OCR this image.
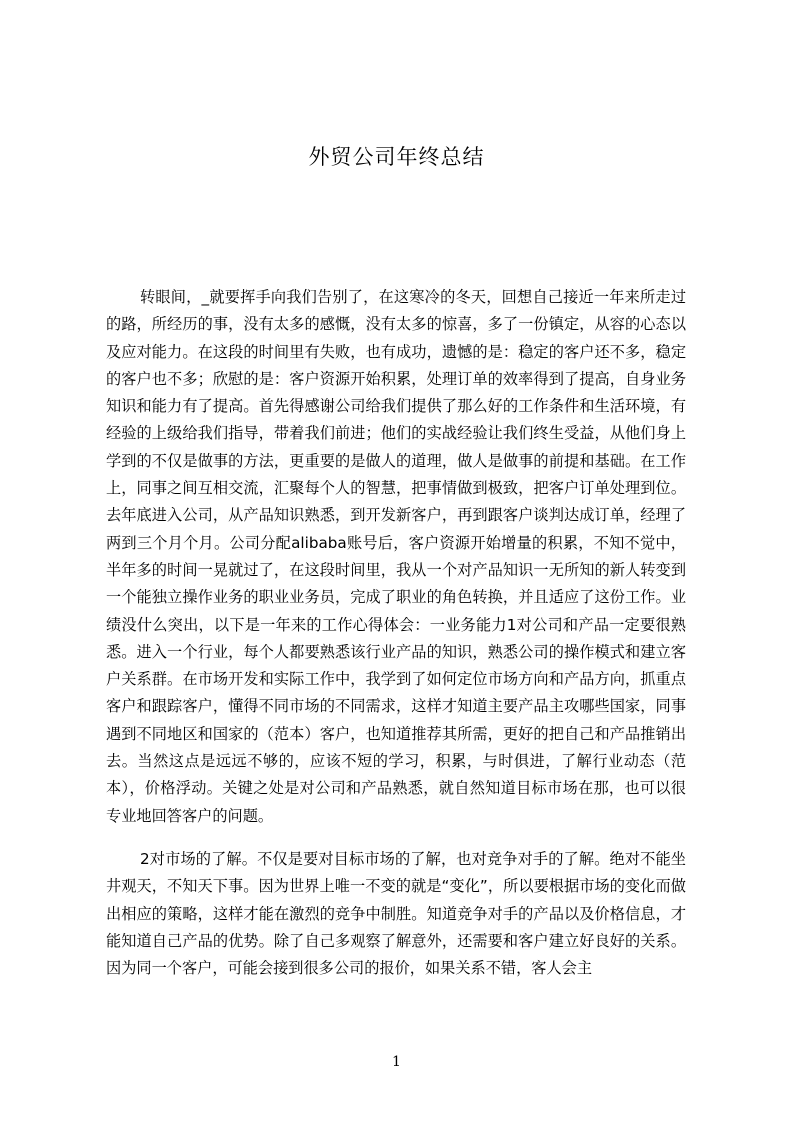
外贸公司年终总结

转眼间，_就要挥手向我们告别了，在这寒冷的冬天，回想自己接近一年来所走过的路，所经历的事，没有太多的感慨，没有太多的惊喜，多了一份镇定，从容的心态以及应对能力。在这段的时间里有失败，也有成功，遗憾的是：稳定的客户还不多，稳定的客户也不多；欣慰的是：客户资源开始积累，处理订单的效率得到了提高，自身业务知识和能力有了提高。首先得感谢公司给我们提供了那么好的工作条件和生活环境，有经验的上级给我们指导，带着我们前进；他们的实战经验让我们终生受益，从他们身上学到的不仅是做事的方法，更重要的是做人的道理，做人是做事的前提和基础。在工作上，同事之间互相交流，汇聚每个人的智慧，把事情做到极致，把客户订单处理到位。去年底进入公司，从产品知识熟悉，到开发新客户，再到跟客户谈判达成订单，经理了两到三个月个月。公司分配alibaba账号后，客户资源开始增量的积累，不知不觉中，半年多的时间一晃就过了，在这段时间里，我从一个对产品知识一无所知的新人转变到一个能独立操作业务的职业业务员，完成了职业的角色转换，并且适应了这份工作。业绩没什么突出，以下是一年来的工作心得体会：一业务能力1对公司和产品一定要很熟悉。进入一个行业，每个人都要熟悉该行业产品的知识，熟悉公司的操作模式和建立客户关系群。在市场开发和实际工作中，我学到了如何定位市场方向和产品方向，抓重点客户和跟踪客户，懂得不同市场的不同需求，这样才知道主要产品主攻哪些国家，同事遇到不同地区和国家的（范本）客户，也知道推荐其所需，更好的把自己和产品推销出去。当然这点是远远不够的，应该不短的学习，积累，与时俱进，了解行业动态（范本），价格浮动。关键之处是对公司和产品熟悉，就自然知道目标市场在那，也可以很专业地回答客户的问题。

2对市场的了解。不仅是要对目标市场的了解，也对竞争对手的了解。绝对不能坐井观天，不知天下事。因为世界上唯一不变的就是“变化”，所以要根据市场的变化而做出相应的策略，这样才能在激烈的竞争中制胜。知道竞争对手的产品以及价格信息，才能知道自己产品的优势。除了自己多观察了解意外，还需要和客户建立好良好的关系。因为同一个客户，可能会接到很多公司的报价，如果关系不错，客人会主

1
